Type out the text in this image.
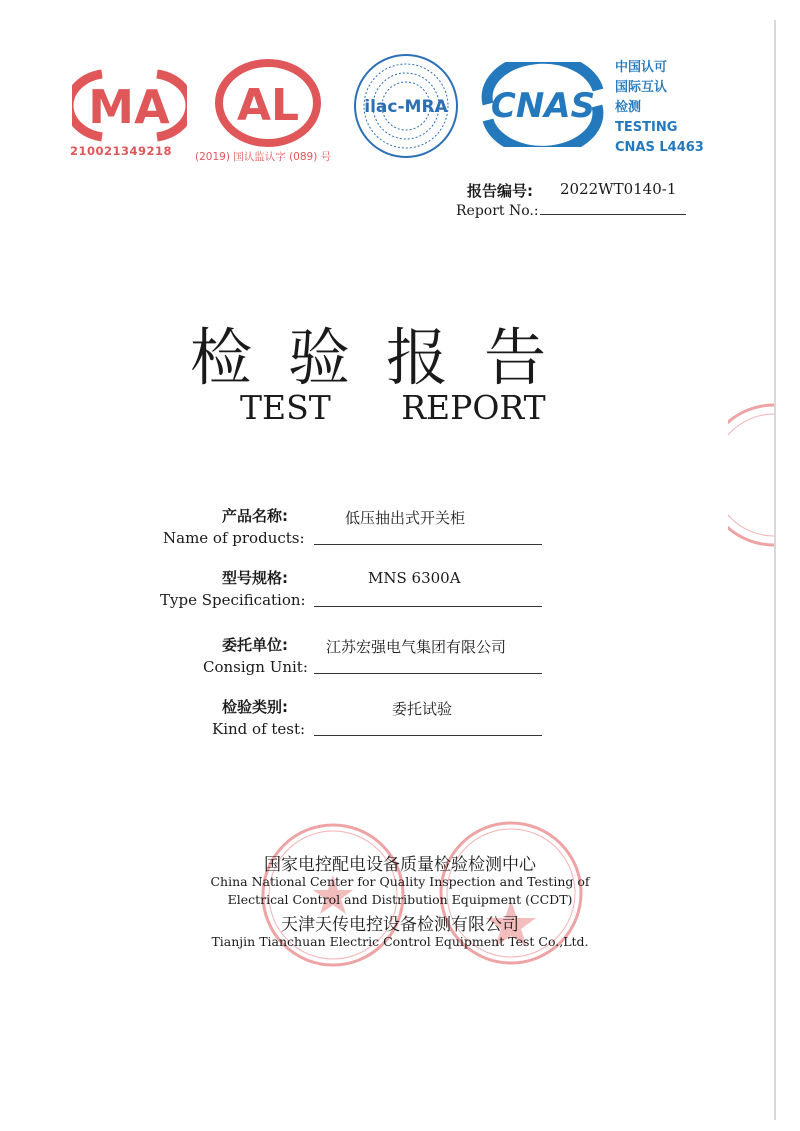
MA
210021349218
AL
(2019) 国认监认字 (089) 号
ilac-MRA CNAS
中国认可
国际互认
检测
TESTING
CNAS L4463
报告编号: 2022WT0140-1
Report No.:
检验报告
TEST REPORT
产品名称:	低压抽出式开关柜
Name of products:
型号规格:	MNS 6300A
Type Specification:
委托单位:	江苏宏强电气集团有限公司
Consign Unit:
检验类别:	委托试验
Kind of test:
国家电控配电设备质量检验检测中心
China National Center for Quality Inspection and Testing of
Electrical Control and Distribution Equipment (CCDT)
天津天传电控设备检测有限公司
Tianjin Tianchuan Electric Control Equipment Test Co.,Ltd.
